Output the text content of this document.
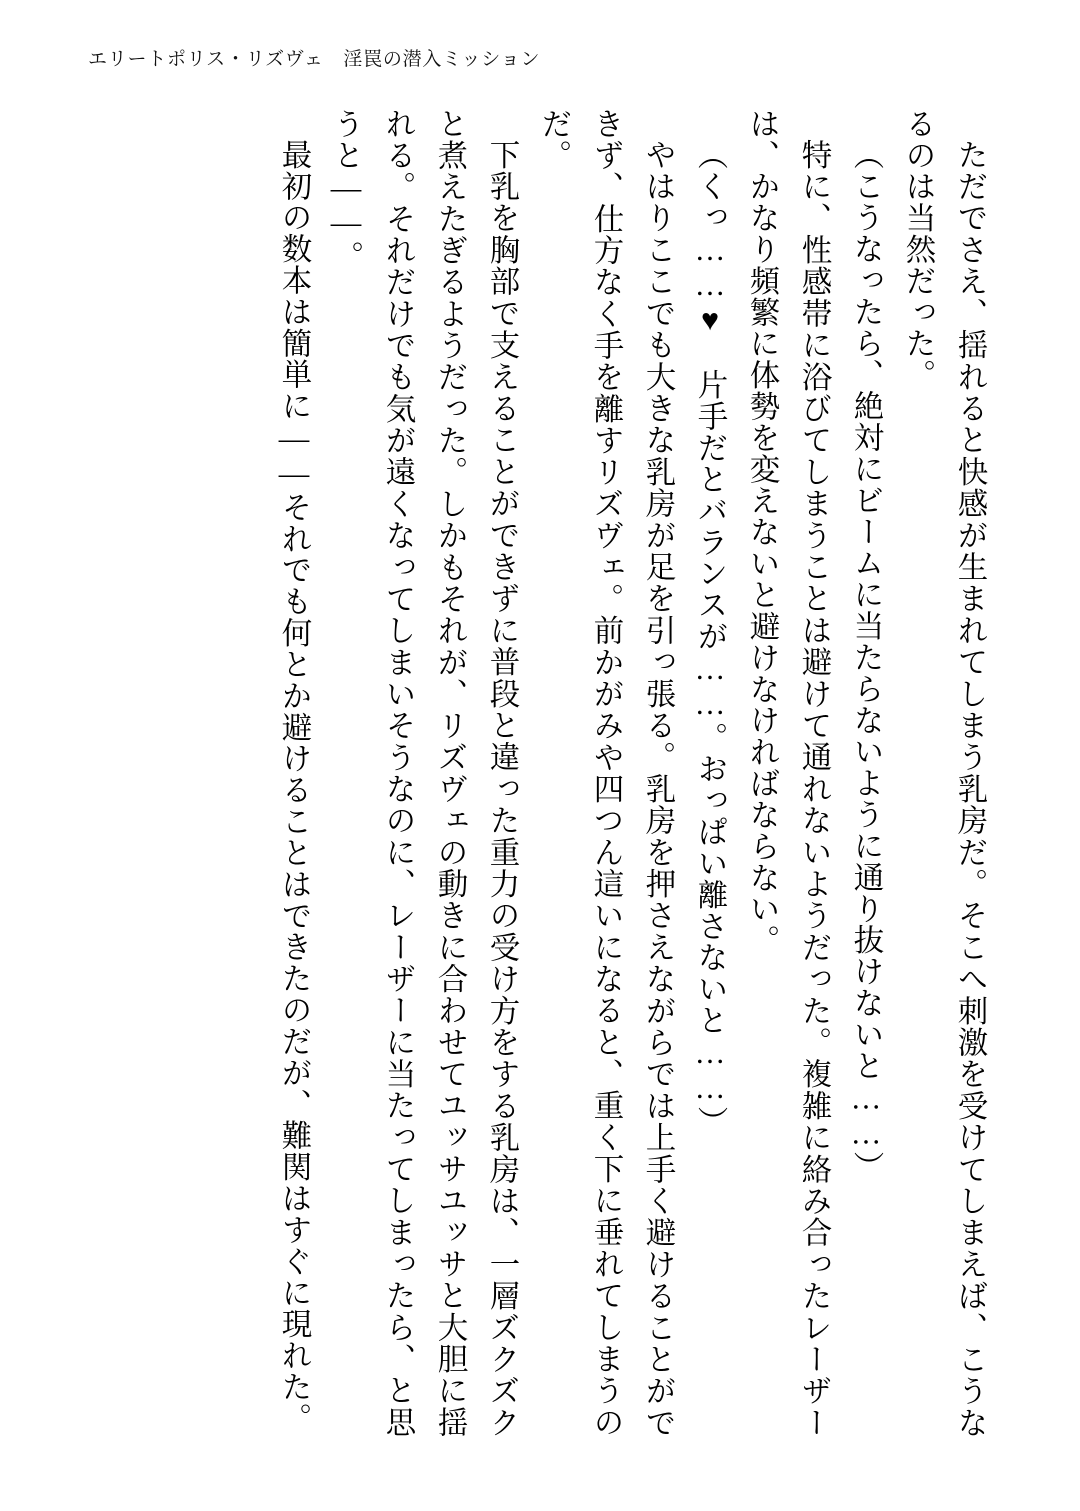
エリートポリス・リズヴェ　淫罠の潜入ミッション

ただでさえ、揺れると快感が生まれてしまう乳房だ。そこへ刺激を受けてしまえば、こうなるのは当然だった。

（こうなったら、絶対にビームに当たらないように通り抜けないと……）

特に、性感帯に浴びてしまうことは避けて通れないようだった。複雑に絡み合ったレーザーは、かなり頻繁に体勢を変えないと避けなければならない。

（くっ……♥　片手だとバランスが……。おっぱい離さないと……）

やはりここでも大きな乳房が足を引っ張る。乳房を押さえながらでは上手く避けることができず、仕方なく手を離すリズヴェ。前かがみや四つん這いになると、重く下に垂れてしまうのだ。

下乳を胸部で支えることができずに普段と違った重力の受け方をする乳房は、一層ズクズクと煮えたぎるようだった。しかもそれが、リズヴェの動きに合わせてユッサユッサと大胆に揺れる。それだけでも気が遠くなってしまいそうなのに、レーザーに当たってしまったら、と思うと――。

最初の数本は簡単に――それでも何とか避けることはできたのだが、難関はすぐに現れた。
